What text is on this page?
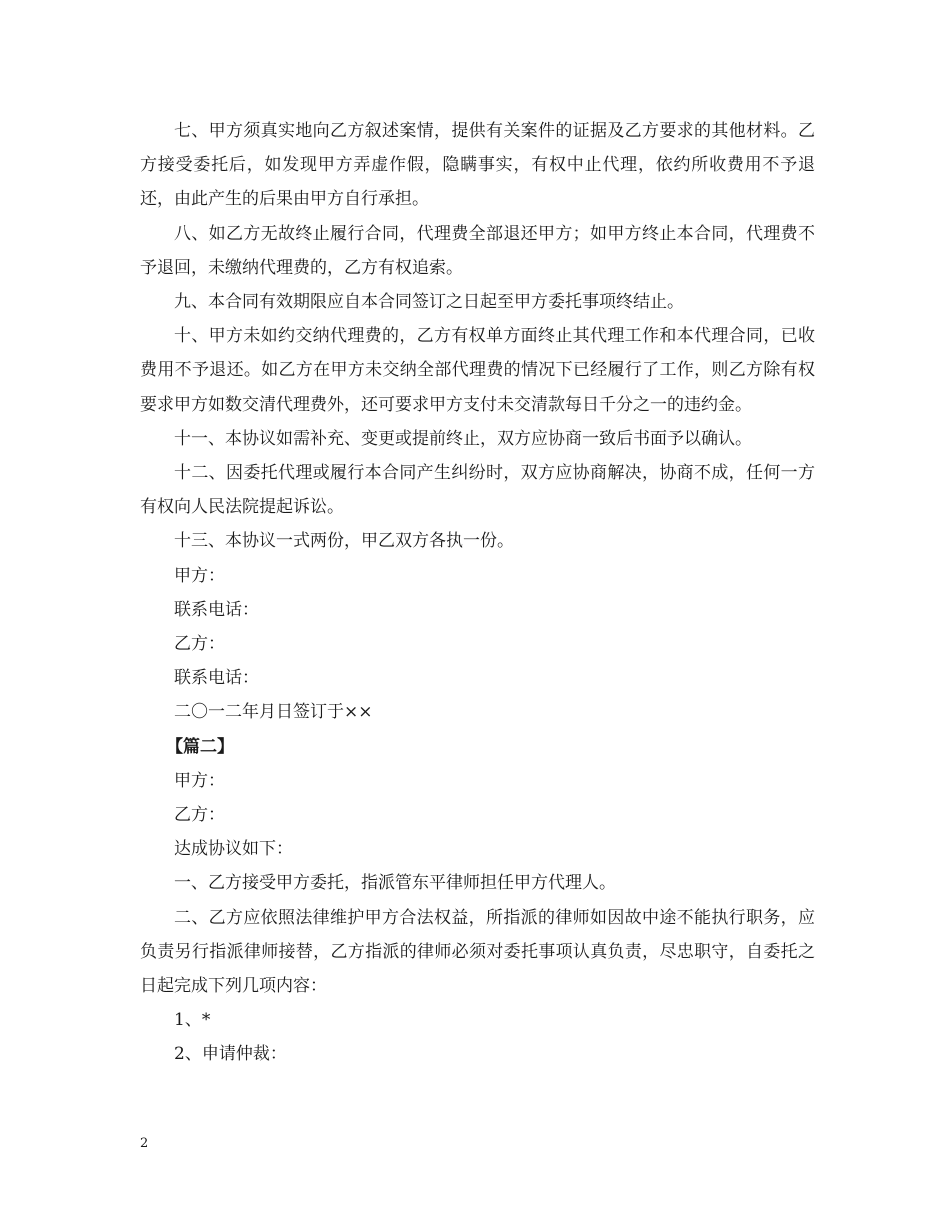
七、甲方须真实地向乙方叙述案情，提供有关案件的证据及乙方要求的其他材料。乙方接受委托后，如发现甲方弄虚作假，隐瞒事实，有权中止代理，依约所收费用不予退还，由此产生的后果由甲方自行承担。

八、如乙方无故终止履行合同，代理费全部退还甲方；如甲方终止本合同，代理费不予退回，未缴纳代理费的，乙方有权追索。

九、本合同有效期限应自本合同签订之日起至甲方委托事项终结止。

十、甲方未如约交纳代理费的，乙方有权单方面终止其代理工作和本代理合同，已收费用不予退还。如乙方在甲方未交纳全部代理费的情况下已经履行了工作，则乙方除有权要求甲方如数交清代理费外，还可要求甲方支付未交清款每日千分之一的违约金。

十一、本协议如需补充、变更或提前终止，双方应协商一致后书面予以确认。

十二、因委托代理或履行本合同产生纠纷时，双方应协商解决，协商不成，任何一方有权向人民法院提起诉讼。

十三、本协议一式两份，甲乙双方各执一份。

甲方：

联系电话：

乙方：

联系电话：

二〇一二年月日签订于××

【篇二】

甲方：

乙方：

达成协议如下：

一、乙方接受甲方委托，指派管东平律师担任甲方代理人。

二、乙方应依照法律维护甲方合法权益，所指派的律师如因故中途不能执行职务，应负责另行指派律师接替，乙方指派的律师必须对委托事项认真负责，尽忠职守，自委托之日起完成下列几项内容：

1、*

2、申请仲裁：

2
